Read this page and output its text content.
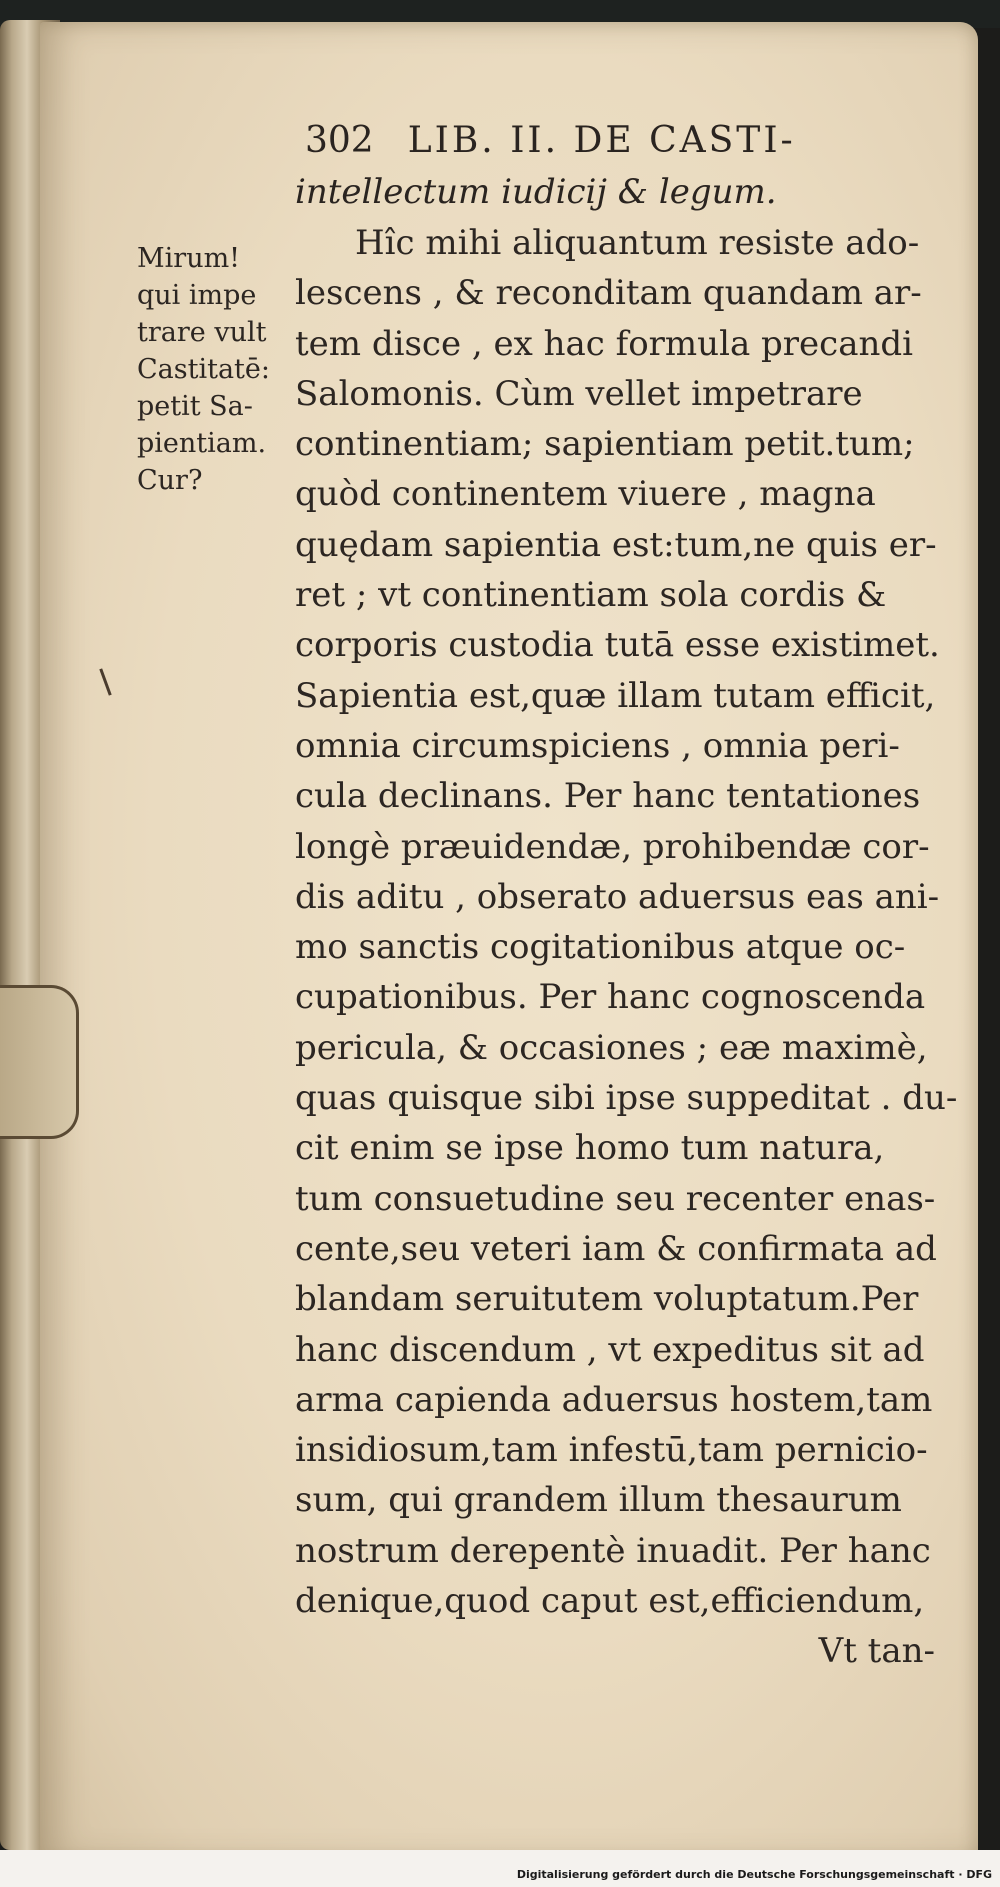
302 LIB. II. DE CASTI-
intellectum iudicij & legum.
Mirum!
qui impe
trare vult
Castitatē:
petit Sa-
pientiam.
Cur?
Hîc mihi aliquantum resiste ado-
lescens , & reconditam quandam ar-
tem disce , ex hac formula precandi
Salomonis. Cùm vellet impetrare
continentiam; sapientiam petit.tum;
quòd continentem viuere , magna
quędam sapientia est:tum,ne quis er-
ret ; vt continentiam sola cordis &
corporis custodia tutā esse existimet.
Sapientia est,quæ illam tutam efficit,
omnia circumspiciens , omnia peri-
cula declinans. Per hanc tentationes
longè præuidendæ, prohibendæ cor-
dis aditu , obserato aduersus eas ani-
mo sanctis cogitationibus atque oc-
cupationibus. Per hanc cognoscenda
pericula, & occasiones ; eæ maximè,
quas quisque sibi ipse suppeditat . du-
cit enim se ipse homo tum natura,
tum consuetudine seu recenter enas-
cente,seu veteri iam & confirmata ad
blandam seruitutem voluptatum.Per
hanc discendum , vt expeditus sit ad
arma capienda aduersus hostem,tam
insidiosum,tam infestū,tam pernicio-
sum, qui grandem illum thesaurum
nostrum derepentè inuadit. Per hanc
denique,quod caput est,efficiendum,
Vt tan-
Digitalisierung gefördert durch die Deutsche Forschungsgemeinschaft · DFG
